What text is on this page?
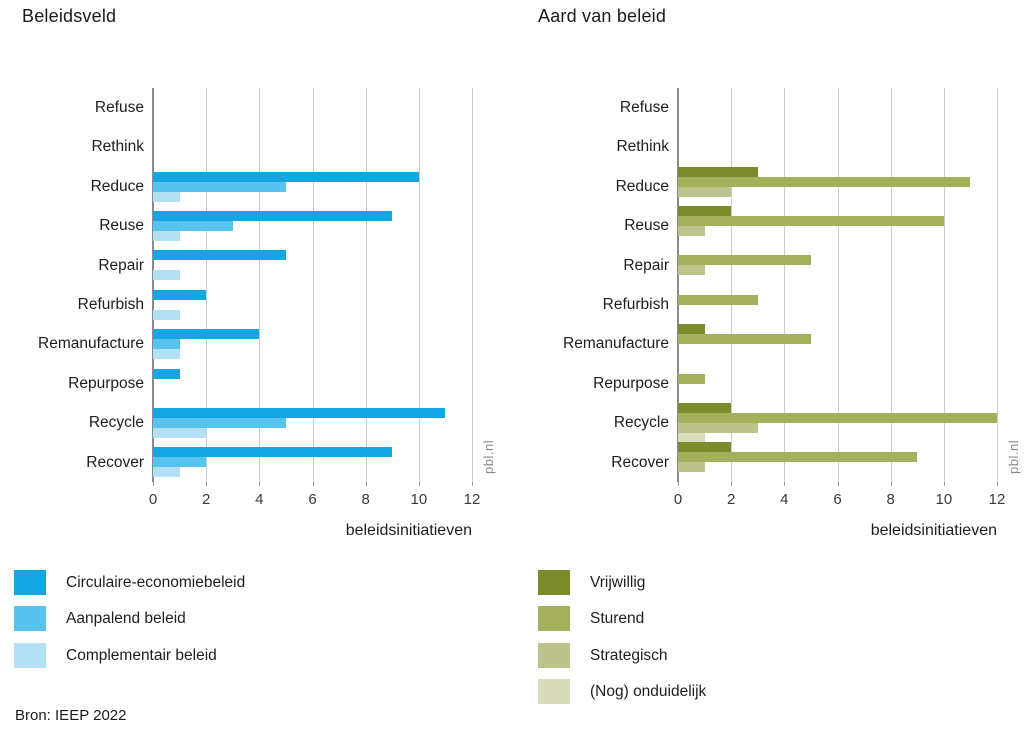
Beleidsveld
0	2	4	6	8	10	12
Refuse
Rethink
Reduce
Reuse
Repair
Refurbish
Remanufacture
Repurpose
Recycle
Recover
beleidsinitiatieven
pbl.nl
Circulaire-economiebeleid
Aanpalend beleid
Complementair beleid
Aard van beleid
0	2	4	6	8	10	12
Refuse
Rethink
Reduce
Reuse
Repair
Refurbish
Remanufacture
Repurpose
Recycle
Recover
beleidsinitiatieven
pbl.nl
Vrijwillig
Sturend
Strategisch
(Nog) onduidelijk
Bron: IEEP 2022
